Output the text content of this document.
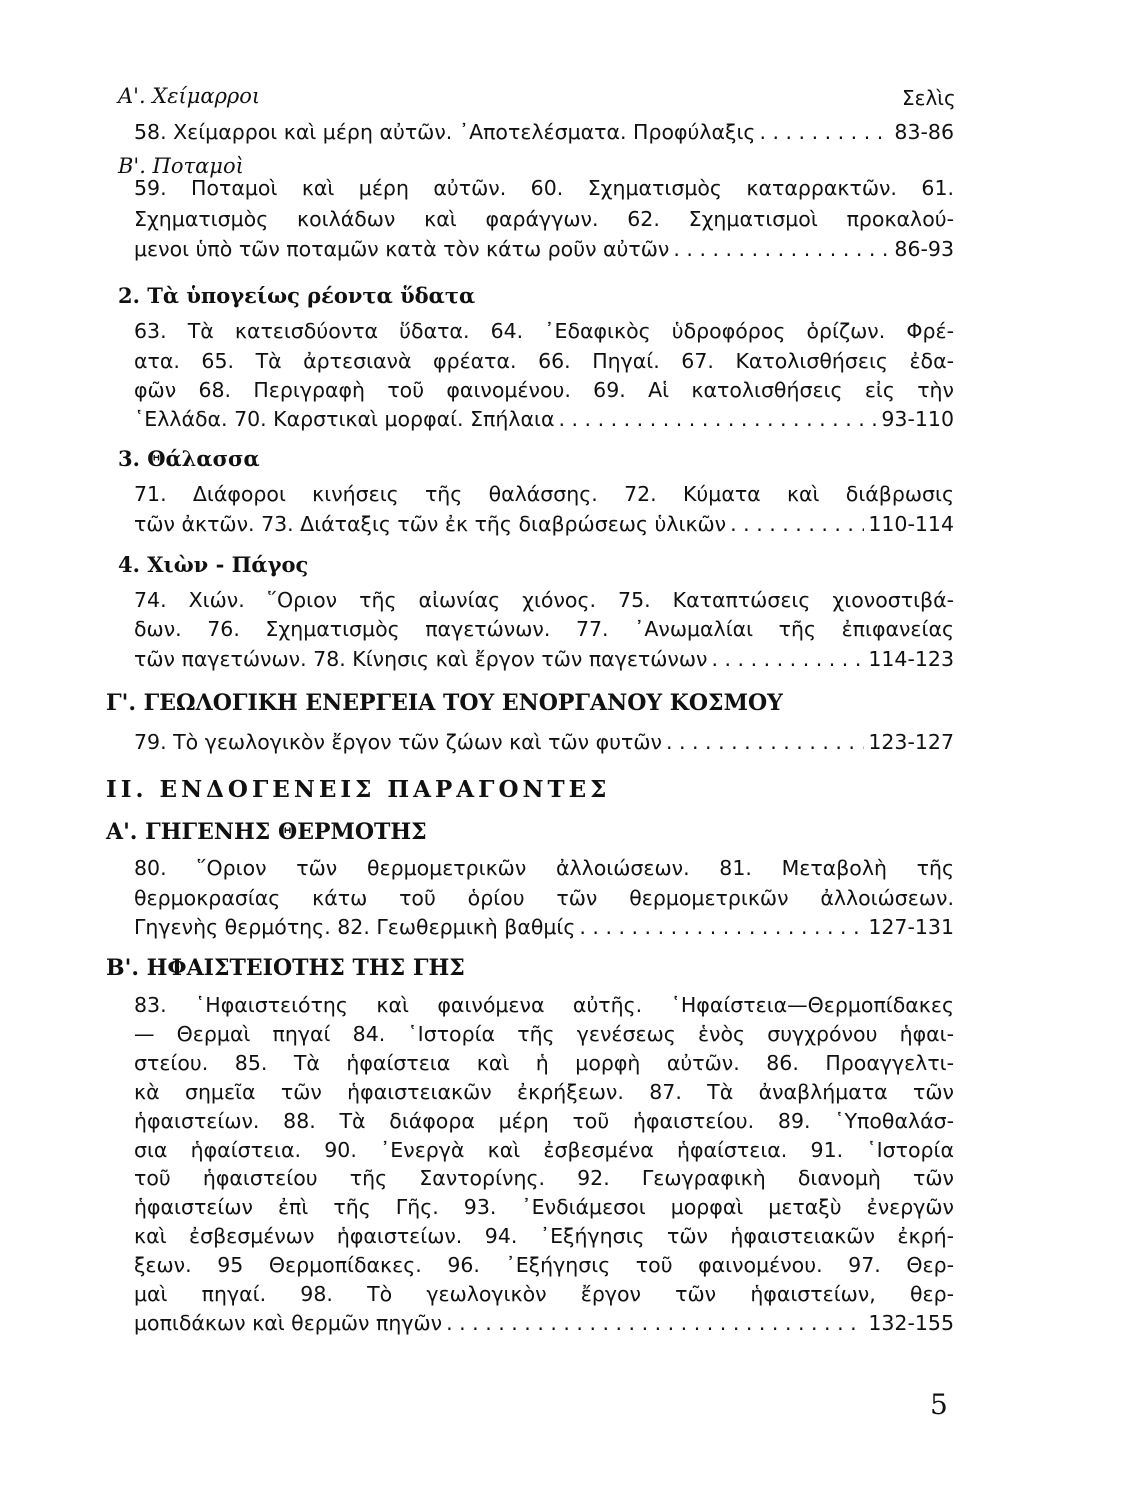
Α'. Χείμαρροι	Σελὶς
58. Χείμαρροι καὶ μέρη αὐτῶν. ᾽Αποτελέσματα. Προφύλαξις . . .	83-86
Β'. Ποταμοὶ
59. Ποταμοὶ καὶ μέρη αὐτῶν. 60. Σχηματισμὸς καταρρακτῶν. 61.
Σχηματισμὸς κοιλάδων καὶ φαράγγων. 62. Σχηματισμοὶ προκαλού-
μενοι ὑπὸ τῶν ποταμῶν κατὰ τὸν κάτω ροῦν αὐτῶν . . .	86-93
2. Τὰ ὑπογείως ρέοντα ὕδατα
63. Τὰ κατεισδύοντα ὕδατα. 64. ᾽Εδαφικὸς ὑδροφόρος ὁρίζων. Φρέ-
ατα. 65. Τὰ ἀρτεσιανὰ φρέατα. 66. Πηγαί. 67. Κατολισθήσεις ἐδα-
φῶν 68. Περιγραφὴ τοῦ φαινομένου. 69. Αἱ κατολισθήσεις εἰς τὴν
῾Ελλάδα. 70. Καρστικαὶ μορφαί. Σπήλαια . . .	93-110
3. Θάλασσα
71. Διάφοροι κινήσεις τῆς θαλάσσης. 72. Κύματα καὶ διάβρωσις
τῶν ἀκτῶν. 73. Διάταξις τῶν ἐκ τῆς διαβρώσεως ὑλικῶν . . .	110-114
4. Χιὼν - Πάγος
74. Χιών. ῞Οριον τῆς αἰωνίας χιόνος. 75. Καταπτώσεις χιονοστιβά-
δων. 76. Σχηματισμὸς παγετώνων. 77. ᾽Ανωμαλίαι τῆς ἐπιφανείας
τῶν παγετώνων. 78. Κίνησις καὶ ἔργον τῶν παγετώνων . . .	114-123
Γ'. ΓΕΩΛΟΓΙΚΗ ΕΝΕΡΓΕΙΑ ΤΟΥ ΕΝΟΡΓΑΝΟΥ ΚΟΣΜΟΥ
79. Τὸ γεωλογικὸν ἔργον τῶν ζώων καὶ τῶν φυτῶν . . .	123-127
ΙΙ. ΕΝΔΟΓΕΝΕΙΣ ΠΑΡΑΓΟΝΤΕΣ
Α'. ΓΗΓΕΝΗΣ ΘΕΡΜΟΤΗΣ
80. ῞Οριον τῶν θερμομετρικῶν ἀλλοιώσεων. 81. Μεταβολὴ τῆς
θερμοκρασίας κάτω τοῦ ὁρίου τῶν θερμομετρικῶν ἀλλοιώσεων.
Γηγενὴς θερμότης. 82. Γεωθερμικὴ βαθμίς . . .	127-131
Β'. ΗΦΑΙΣΤΕΙΟΤΗΣ ΤΗΣ ΓΗΣ
83. ῾Ηφαιστειότης καὶ φαινόμενα αὐτῆς. ῾Ηφαίστεια—Θερμοπίδακες
— Θερμαὶ πηγαί 84. ῾Ιστορία τῆς γενέσεως ἑνὸς συγχρόνου ἡφαι-
στείου. 85. Τὰ ἡφαίστεια καὶ ἡ μορφὴ αὐτῶν. 86. Προαγγελτι-
κὰ σημεῖα τῶν ἡφαιστειακῶν ἐκρήξεων. 87. Τὰ ἀναβλήματα τῶν
ἡφαιστείων. 88. Τὰ διάφορα μέρη τοῦ ἡφαιστείου. 89. ῾Υποθαλάσ-
σια ἡφαίστεια. 90. ᾽Ενεργὰ καὶ ἐσβεσμένα ἡφαίστεια. 91. ῾Ιστορία
τοῦ ἡφαιστείου τῆς Σαντορίνης. 92. Γεωγραφικὴ διανομὴ τῶν
ἡφαιστείων ἐπὶ τῆς Γῆς. 93. ᾽Ενδιάμεσοι μορφαὶ μεταξὺ ἐνεργῶν
καὶ ἐσβεσμένων ἡφαιστείων. 94. ᾽Εξήγησις τῶν ἡφαιστειακῶν ἐκρή-
ξεων. 95 Θερμοπίδακες. 96. ᾽Εξήγησις τοῦ φαινομένου. 97. Θερ-
μαὶ πηγαί. 98. Τὸ γεωλογικὸν ἔργον τῶν ἡφαιστείων, θερ-
μοπιδάκων καὶ θερμῶν πηγῶν . . .	132-155
5
